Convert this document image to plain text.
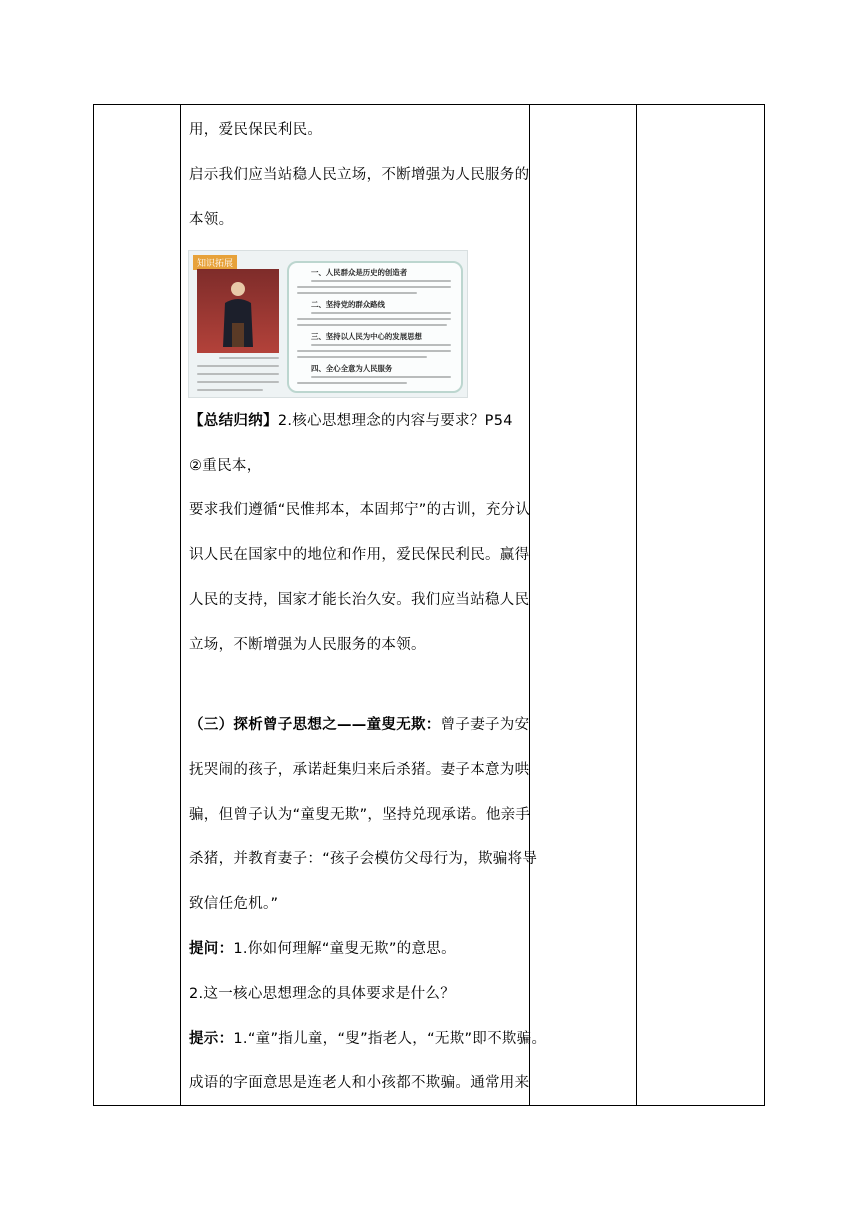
用，爱民保民利民。
启示我们应当站稳人民立场，不断增强为人民服务的
本领。
知识拓展
一、人民群众是历史的创造者
二、坚持党的群众路线
三、坚持以人民为中心的发展思想
四、全心全意为人民服务
【总结归纳】2.核心思想理念的内容与要求？P54
②重民本，
要求我们遵循“民惟邦本，本固邦宁”的古训，充分认
识人民在国家中的地位和作用，爱民保民利民。赢得
人民的支持，国家才能长治久安。我们应当站稳人民
立场，不断增强为人民服务的本领。
（三）探析曾子思想之——童叟无欺：曾子妻子为安
抚哭闹的孩子，承诺赶集归来后杀猪。妻子本意为哄
骗，但曾子认为“童叟无欺”，坚持兑现承诺。他亲手
杀猪，并教育妻子：“孩子会模仿父母行为，欺骗将导
致信任危机。”
提问：1.你如何理解“童叟无欺”的意思。
2.这一核心思想理念的具体要求是什么？
提示：1.“童”指儿童，“叟”指老人，“无欺”即不欺骗。
成语的字面意思是连老人和小孩都不欺骗。通常用来
